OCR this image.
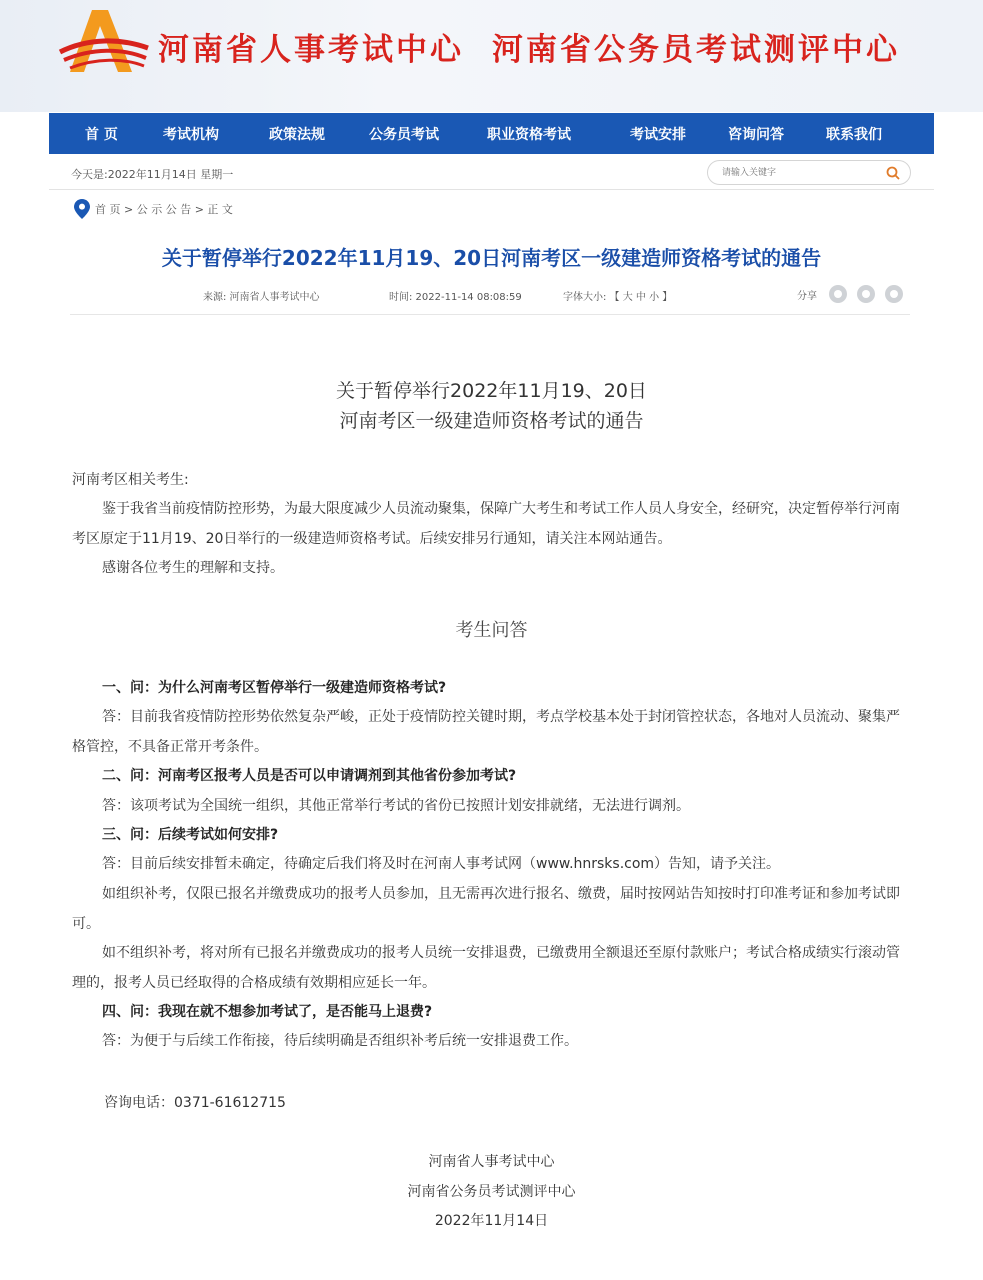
河南省人事考试中心 河南省公务员考试测评中心
首 页	考试机构	政策法规	公务员考试	职业资格考试	考试安排	咨询问答	联系我们
今天是:2022年11月14日 星期一
请输入关键字
首 页 > 公 示 公 告 > 正 文
关于暂停举行2022年11月19、20日河南考区一级建造师资格考试的通告
来源: 河南省人事考试中心	时间: 2022-11-14 08:08:59	字体大小: 【 大 中 小 】	分享
关于暂停举行2022年11月19、20日
河南考区一级建造师资格考试的通告
河南考区相关考生:
鉴于我省当前疫情防控形势，为最大限度减少人员流动聚集，保障广大考生和考试工作人员人身安全，经研究，决定暂停举行河南考区原定于11月19、20日举行的一级建造师资格考试。后续安排另行通知，请关注本网站通告。
感谢各位考生的理解和支持。
考生问答
一、问：为什么河南考区暂停举行一级建造师资格考试?
答：目前我省疫情防控形势依然复杂严峻，正处于疫情防控关键时期，考点学校基本处于封闭管控状态，各地对人员流动、聚集严格管控，不具备正常开考条件。
二、问：河南考区报考人员是否可以申请调剂到其他省份参加考试?
答：该项考试为全国统一组织，其他正常举行考试的省份已按照计划安排就绪，无法进行调剂。
三、问：后续考试如何安排?
答：目前后续安排暂未确定，待确定后我们将及时在河南人事考试网（www.hnrsks.com）告知，请予关注。
如组织补考，仅限已报名并缴费成功的报考人员参加，且无需再次进行报名、缴费，届时按网站告知按时打印准考证和参加考试即可。
如不组织补考，将对所有已报名并缴费成功的报考人员统一安排退费，已缴费用全额退还至原付款账户；考试合格成绩实行滚动管理的，报考人员已经取得的合格成绩有效期相应延长一年。
四、问：我现在就不想参加考试了，是否能马上退费?
答：为便于与后续工作衔接，待后续明确是否组织补考后统一安排退费工作。
咨询电话：0371-61612715
河南省人事考试中心
河南省公务员考试测评中心
2022年11月14日
